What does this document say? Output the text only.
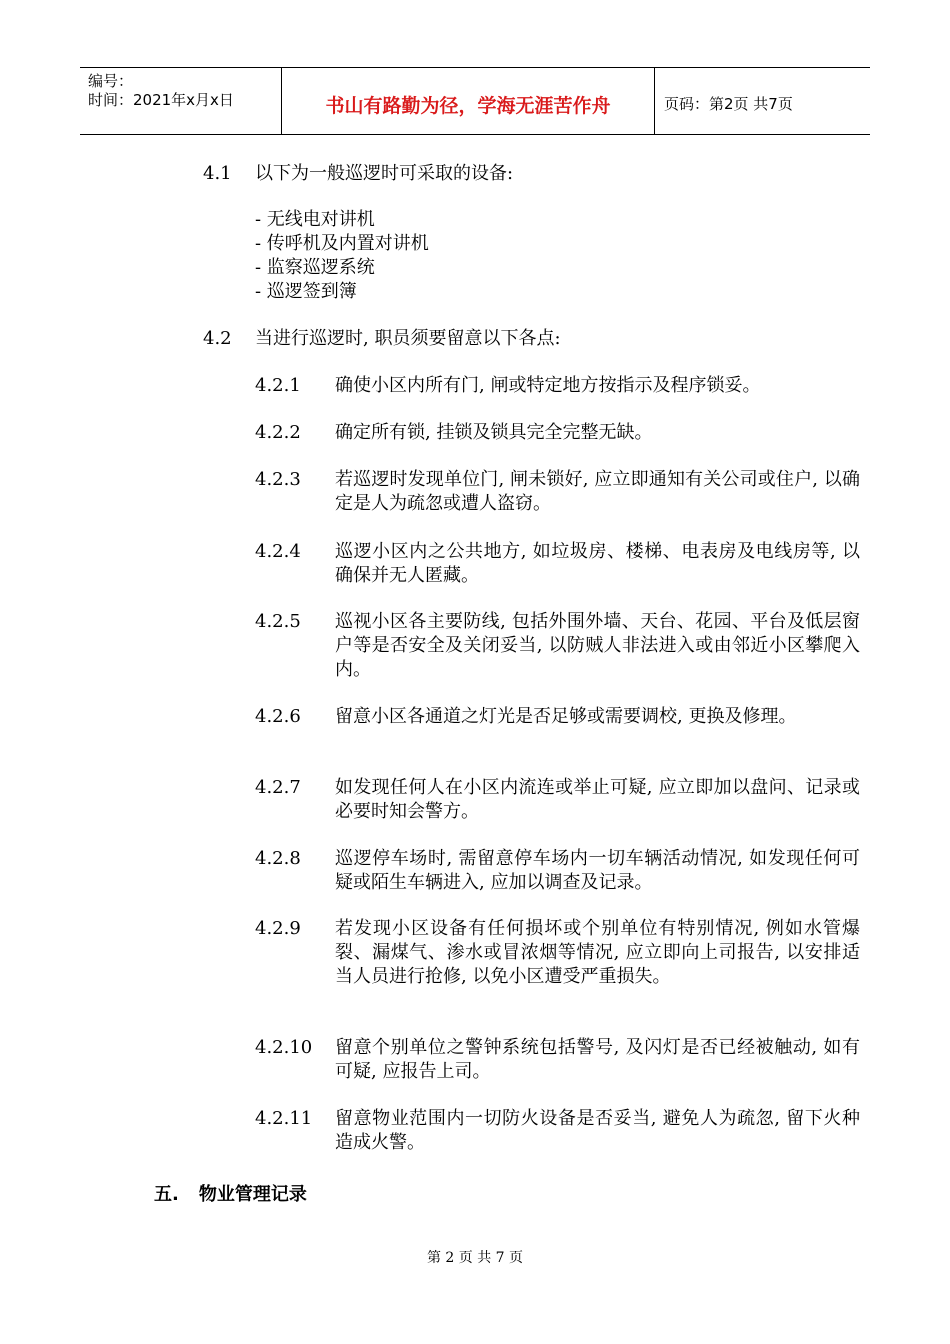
编号：
时间：2021年x月x日	书山有路勤为径，学海无涯苦作舟	页码：第2页 共7页
4.1 以下为一般巡逻时可采取的设备:
- 无线电对讲机
- 传呼机及内置对讲机
- 监察巡逻系统
- 巡逻签到簿
4.2 当进行巡逻时, 职员须要留意以下各点:
4.2.1 确使小区内所有门, 闸或特定地方按指示及程序锁妥。
4.2.2 确定所有锁, 挂锁及锁具完全完整无缺。
4.2.3 若巡逻时发现单位门, 闸未锁好, 应立即通知有关公司或住户, 以确定是人为疏忽或遭人盗窃。
4.2.4 巡逻小区内之公共地方, 如垃圾房、楼梯、电表房及电线房等, 以确保并无人匿藏。
4.2.5 巡视小区各主要防线, 包括外围外墙、天台、花园、平台及低层窗户等是否安全及关闭妥当, 以防贼人非法进入或由邻近小区攀爬入内。
4.2.6 留意小区各通道之灯光是否足够或需要调校, 更换及修理。
4.2.7 如发现任何人在小区内流连或举止可疑, 应立即加以盘问、记录或必要时知会警方。
4.2.8 巡逻停车场时, 需留意停车场内一切车辆活动情况, 如发现任何可疑或陌生车辆进入, 应加以调查及记录。
4.2.9 若发现小区设备有任何损坏或个别单位有特别情况, 例如水管爆裂、漏煤气、渗水或冒浓烟等情况, 应立即向上司报告, 以安排适当人员进行抢修, 以免小区遭受严重损失。
4.2.10 留意个别单位之警钟系统包括警号, 及闪灯是否已经被触动, 如有可疑, 应报告上司。
4.2.11 留意物业范围内一切防火设备是否妥当, 避免人为疏忽, 留下火种造成火警。
五. 物业管理记录
第 2 页 共 7 页
